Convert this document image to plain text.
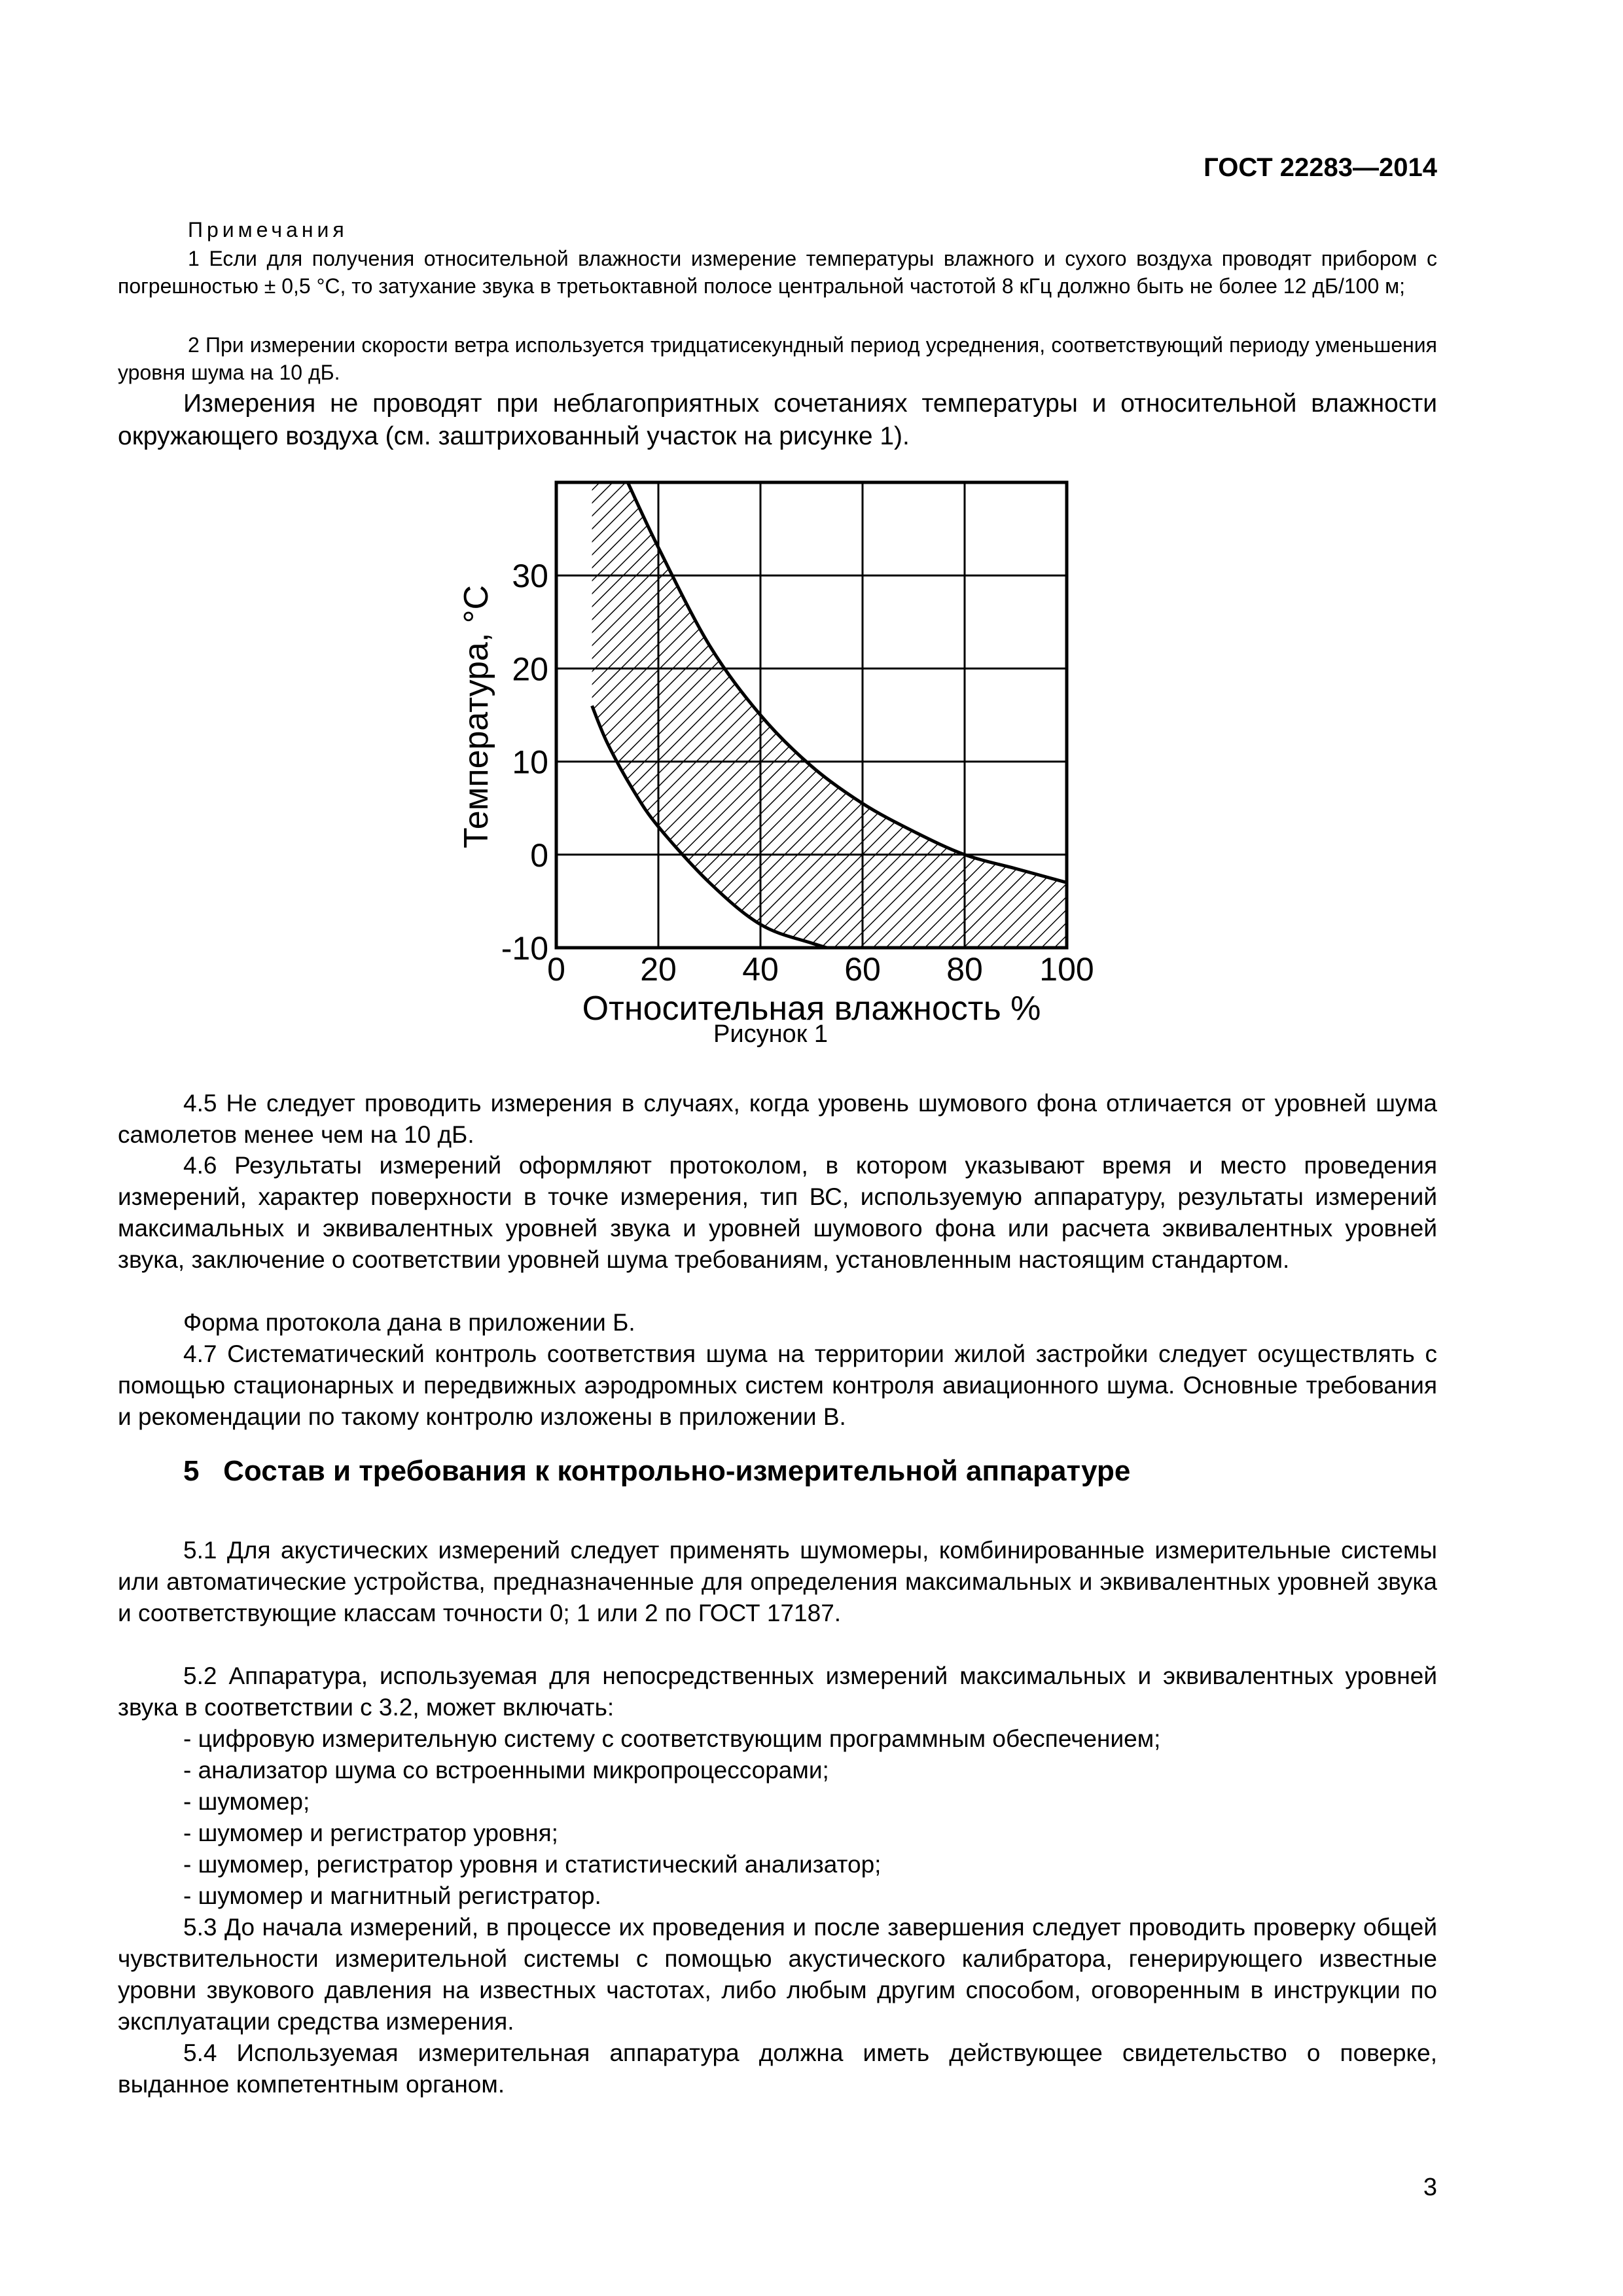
ГОСТ 22283—2014
Примечания
1 Если для получения относительной влажности измерение температуры влажного и сухого воздуха проводят прибором с погрешностью ± 0,5 °С, то затухание звука в третьоктавной полосе центральной частотой 8 кГц должно быть не более 12 дБ/100 м;
2 При измерении скорости ветра используется тридцатисекундный период усреднения, соответствующий периоду уменьшения уровня шума на 10 дБ.
Измерения не проводят при неблагоприятных сочетаниях температуры и относительной влажности окружающего воздуха (см. заштрихованный участок на рисунке 1).
30
20
10
0
-10
0 20 40 60 80 100
Температура, °С
Относительная влажность %
Рисунок 1
4.5 Не следует проводить измерения в случаях, когда уровень шумового фона отличается от уровней шума самолетов менее чем на 10 дБ.
4.6 Результаты измерений оформляют протоколом, в котором указывают время и место проведения измерений, характер поверхности в точке измерения, тип ВС, используемую аппаратуру, результаты измерений максимальных и эквивалентных уровней звука и уровней шумового фона или расчета эквивалентных уровней звука, заключение о соответствии уровней шума требованиям, установленным настоящим стандартом.
Форма протокола дана в приложении Б.
4.7 Систематический контроль соответствия шума на территории жилой застройки следует осуществлять с помощью стационарных и передвижных аэродромных систем контроля авиационного шума. Основные требования и рекомендации по такому контролю изложены в приложении В.
5   Состав и требования к контрольно-измерительной аппаратуре
5.1 Для акустических измерений следует применять шумомеры, комбинированные измерительные системы или автоматические устройства, предназначенные для определения максимальных и эквивалентных уровней звука и соответствующие классам точности 0; 1 или 2 по ГОСТ 17187.
5.2 Аппаратура, используемая для непосредственных измерений максимальных и эквивалентных уровней звука в соответствии с 3.2, может включать:
- цифровую измерительную систему с соответствующим программным обеспечением;
- анализатор шума со встроенными микропроцессорами;
- шумомер;
- шумомер и регистратор уровня;
- шумомер, регистратор уровня и статистический анализатор;
- шумомер и магнитный регистратор.
5.3 До начала измерений, в процессе их проведения и после завершения следует проводить проверку общей чувствительности измерительной системы с помощью акустического калибратора, генерирующего известные уровни звукового давления на известных частотах, либо любым другим способом, оговоренным в инструкции по эксплуатации средства измерения.
5.4 Используемая измерительная аппаратура должна иметь действующее свидетельство о поверке, выданное компетентным органом.
3
